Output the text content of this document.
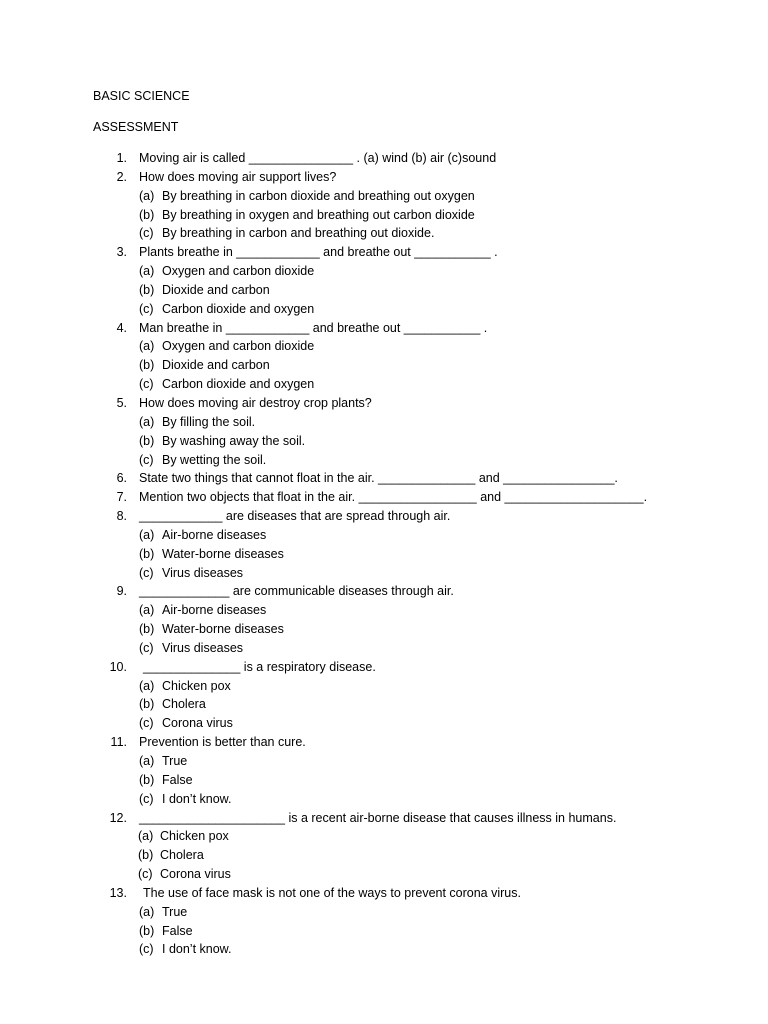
BASIC SCIENCE
ASSESSMENT
1. Moving air is called _______________ . (a) wind (b) air (c)sound
2. How does moving air support lives?
(a) By breathing in carbon dioxide and breathing out oxygen
(b) By breathing in oxygen and breathing out carbon dioxide
(c) By breathing in carbon and breathing out dioxide.
3. Plants breathe in ____________ and breathe out ___________ .
(a) Oxygen and carbon dioxide
(b) Dioxide and carbon
(c) Carbon dioxide and oxygen
4. Man breathe in ____________ and breathe out ___________ .
(a) Oxygen and carbon dioxide
(b) Dioxide and carbon
(c) Carbon dioxide and oxygen
5. How does moving air destroy crop plants?
(a) By filling the soil.
(b) By washing away the soil.
(c) By wetting the soil.
6. State two things that cannot float in the air. ______________ and ________________.
7. Mention two objects that float in the air. _________________ and ____________________.
8. ____________ are diseases that are spread through air.
(a) Air-borne diseases
(b) Water-borne diseases
(c) Virus diseases
9. _____________ are communicable diseases through air.
(a) Air-borne diseases
(b) Water-borne diseases
(c) Virus diseases
10. ______________ is a respiratory disease.
(a) Chicken pox
(b) Cholera
(c) Corona virus
11. Prevention is better than cure.
(a) True
(b) False
(c) I don’t know.
12. _____________________ is a recent air-borne disease that causes illness in humans.
(a) Chicken pox
(b) Cholera
(c) Corona virus
13. The use of face mask is not one of the ways to prevent corona virus.
(a) True
(b) False
(c) I don’t know.
